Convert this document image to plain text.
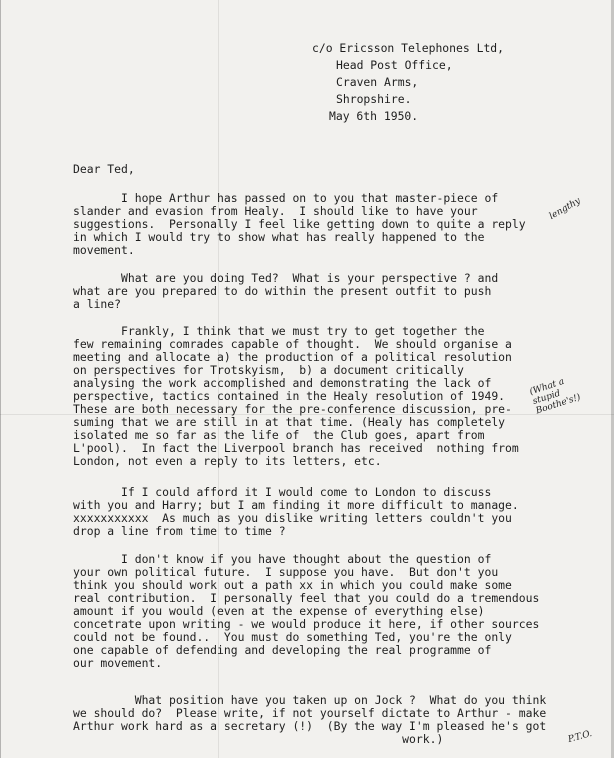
c/o Ericsson Telephones Ltd,
Head Post Office,
Craven Arms,
Shropshire.
May 6th 1950.
Dear Ted,
I hope Arthur has passed on to you that master-piece of
slander and evasion from Healy.  I should like to have your
suggestions.  Personally I feel like getting down to quite a reply
in which I would try to show what has really happened to the
movement.
What are you doing Ted?  What is your perspective ? and
what are you prepared to do within the present outfit to push
a line?
Frankly, I think that we must try to get together the
few remaining comrades capable of thought.  We should organise a
meeting and allocate a) the production of a political resolution
on perspectives for Trotskyism,  b) a document critically
analysing the work accomplished and demonstrating the lack of
perspective, tactics contained in the Healy resolution of 1949.
These are both necessary for the pre-conference discussion, pre-
suming that we are still in at that time. (Healy has completely
isolated me so far as the life of  the Club goes, apart from
L'pool).  In fact the Liverpool branch has received  nothing from
London, not even a reply to its letters, etc.
If I could afford it I would come to London to discuss
with you and Harry; but I am finding it more difficult to manage.
xxxxxxxxxxx  As much as you dislike writing letters couldn't you
drop a line from time to time ?
I don't know if you have thought about the question of
your own political future.  I suppose you have.  But don't you
think you should work out a path xx in which you could make some
real contribution.  I personally feel that you could do a tremendous
amount if you would (even at the expense of everything else)
concetrate upon writing - we would produce it here, if other sources
could not be found..  You must do something Ted, you're the only
one capable of defending and developing the real programme of
our movement.
What position have you taken up on Jock ?  What do you think
we should do?  Please write, if not yourself dictate to Arthur - make
Arthur work hard as a secretary (!)  (By the way I'm pleased he's got
work.)
lengthy
(What a
stupid
Boothe's!)
P.T.O.
